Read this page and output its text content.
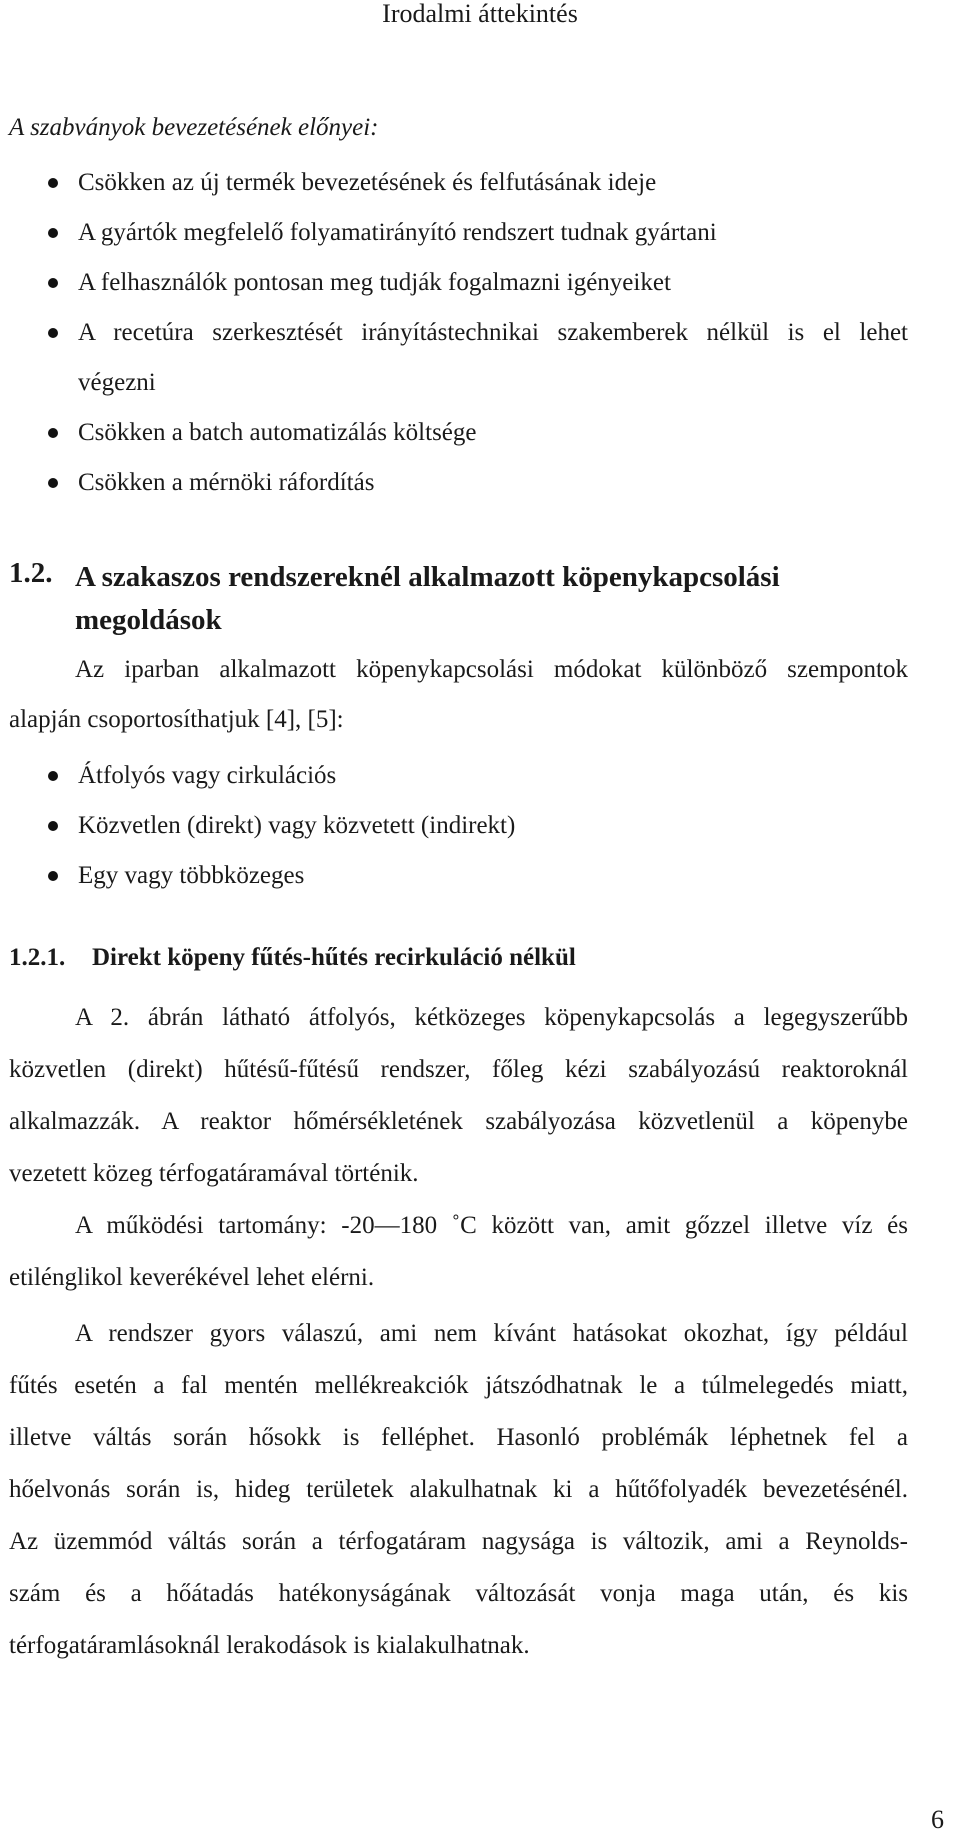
Irodalmi áttekintés
A szabványok bevezetésének előnyei:
Csökken az új termék bevezetésének és felfutásának ideje
A gyártók megfelelő folyamatirányító rendszert tudnak gyártani
A felhasználók pontosan meg tudják fogalmazni igényeiket
A recetúra szerkesztését irányítástechnikai szakemberek nélkül is el lehet
végezni
Csökken a batch automatizálás költsége
Csökken a mérnöki ráfordítás
1.2. A szakaszos rendszereknél alkalmazott köpenykapcsolási megoldások
Az iparban alkalmazott köpenykapcsolási módokat különböző szempontok
alapján csoportosíthatjuk [4], [5]:
Átfolyós vagy cirkulációs
Közvetlen (direkt) vagy közvetett (indirekt)
Egy vagy többközeges
1.2.1. Direkt köpeny fűtés-hűtés recirkuláció nélkül
A 2. ábrán látható átfolyós, kétközeges köpenykapcsolás a legegyszerűbb
közvetlen (direkt) hűtésű-fűtésű rendszer, főleg kézi szabályozású reaktoroknál
alkalmazzák. A reaktor hőmérsékletének szabályozása közvetlenül a köpenybe
vezetett közeg térfogatáramával történik.
A működési tartomány: -20—180 ˚C között van, amit gőzzel illetve víz és
etilénglikol keverékével lehet elérni.
A rendszer gyors válaszú, ami nem kívánt hatásokat okozhat, így például
fűtés esetén a fal mentén mellékreakciók játszódhatnak le a túlmelegedés miatt,
illetve váltás során hősokk is felléphet. Hasonló problémák léphetnek fel a
hőelvonás során is, hideg területek alakulhatnak ki a hűtőfolyadék bevezetésénél.
Az üzemmód váltás során a térfogatáram nagysága is változik, ami a Reynolds-
szám és a hőátadás hatékonyságának változását vonja maga után, és kis
térfogatáramlásoknál lerakodások is kialakulhatnak.
6
